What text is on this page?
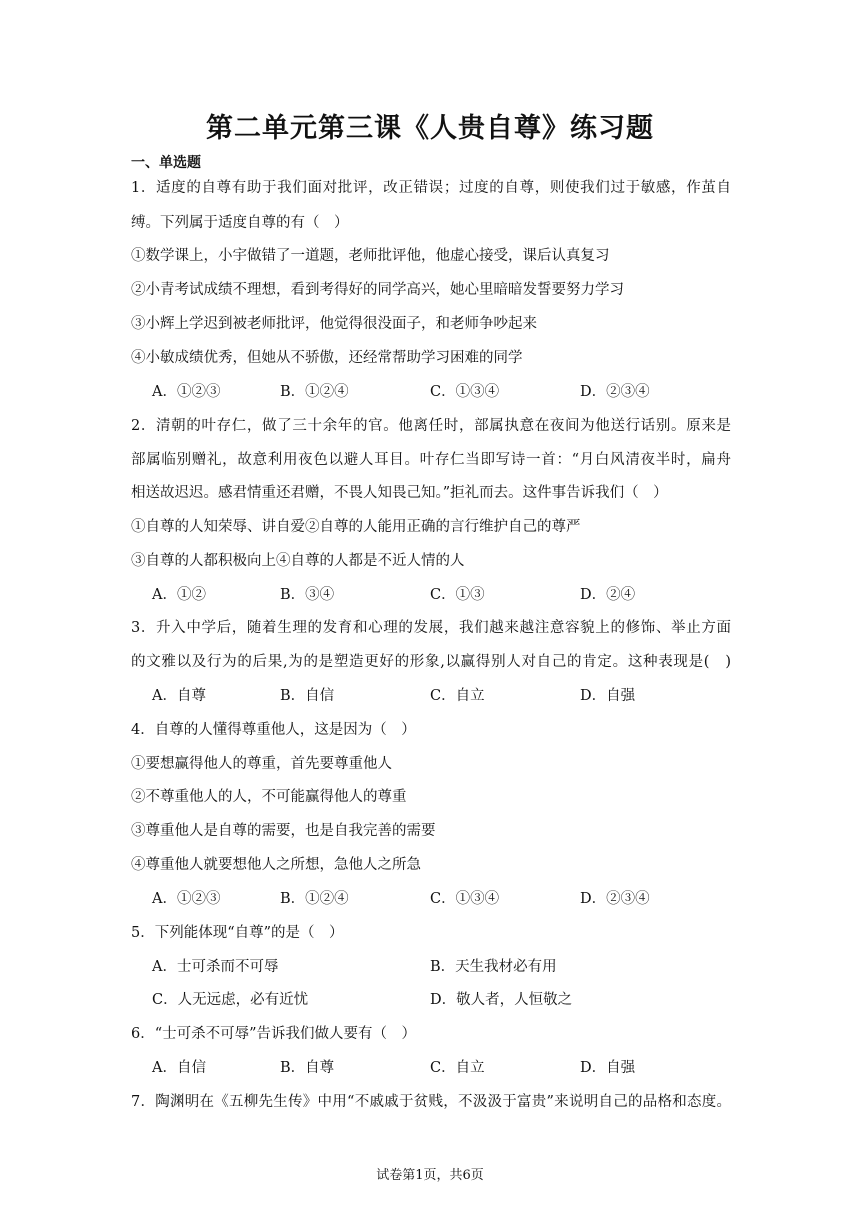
第二单元第三课《人贵自尊》练习题
一、单选题
1．适度的自尊有助于我们面对批评，改正错误；过度的自尊，则使我们过于敏感，作茧自
缚。下列属于适度自尊的有（　）
①数学课上，小宇做错了一道题，老师批评他，他虚心接受，课后认真复习
②小青考试成绩不理想，看到考得好的同学高兴，她心里暗暗发誓要努力学习
③小辉上学迟到被老师批评，他觉得很没面子，和老师争吵起来
④小敏成绩优秀，但她从不骄傲，还经常帮助学习困难的同学
A．①②③	B．①②④	C．①③④	D．②③④
2．清朝的叶存仁，做了三十余年的官。他离任时，部属执意在夜间为他送行话别。原来是
部属临别赠礼，故意利用夜色以避人耳目。叶存仁当即写诗一首：“月白风清夜半时，扁舟
相送故迟迟。感君情重还君赠，不畏人知畏己知。”拒礼而去。这件事告诉我们（　）
①自尊的人知荣辱、讲自爱②自尊的人能用正确的言行维护自己的尊严
③自尊的人都积极向上④自尊的人都是不近人情的人
A．①②	B．③④	C．①③	D．②④
3．升入中学后，随着生理的发育和心理的发展，我们越来越注意容貌上的修饰、举止方面
的文雅以及行为的后果,为的是塑造更好的形象,以赢得别人对自己的肯定。这种表现是(　)
A．自尊	B．自信	C．自立	D．自强
4．自尊的人懂得尊重他人，这是因为（　）
①要想赢得他人的尊重，首先要尊重他人
②不尊重他人的人，不可能赢得他人的尊重
③尊重他人是自尊的需要，也是自我完善的需要
④尊重他人就要想他人之所想，急他人之所急
A．①②③	B．①②④	C．①③④	D．②③④
5．下列能体现“自尊”的是（　）
A．士可杀而不可辱	B．天生我材必有用
C．人无远虑，必有近忧	D．敬人者，人恒敬之
6．“士可杀不可辱”告诉我们做人要有（　）
A．自信	B．自尊	C．自立	D．自强
7．陶渊明在《五柳先生传》中用“不戚戚于贫贱，不汲汲于富贵”来说明自己的品格和态度。
试卷第1页，共6页
